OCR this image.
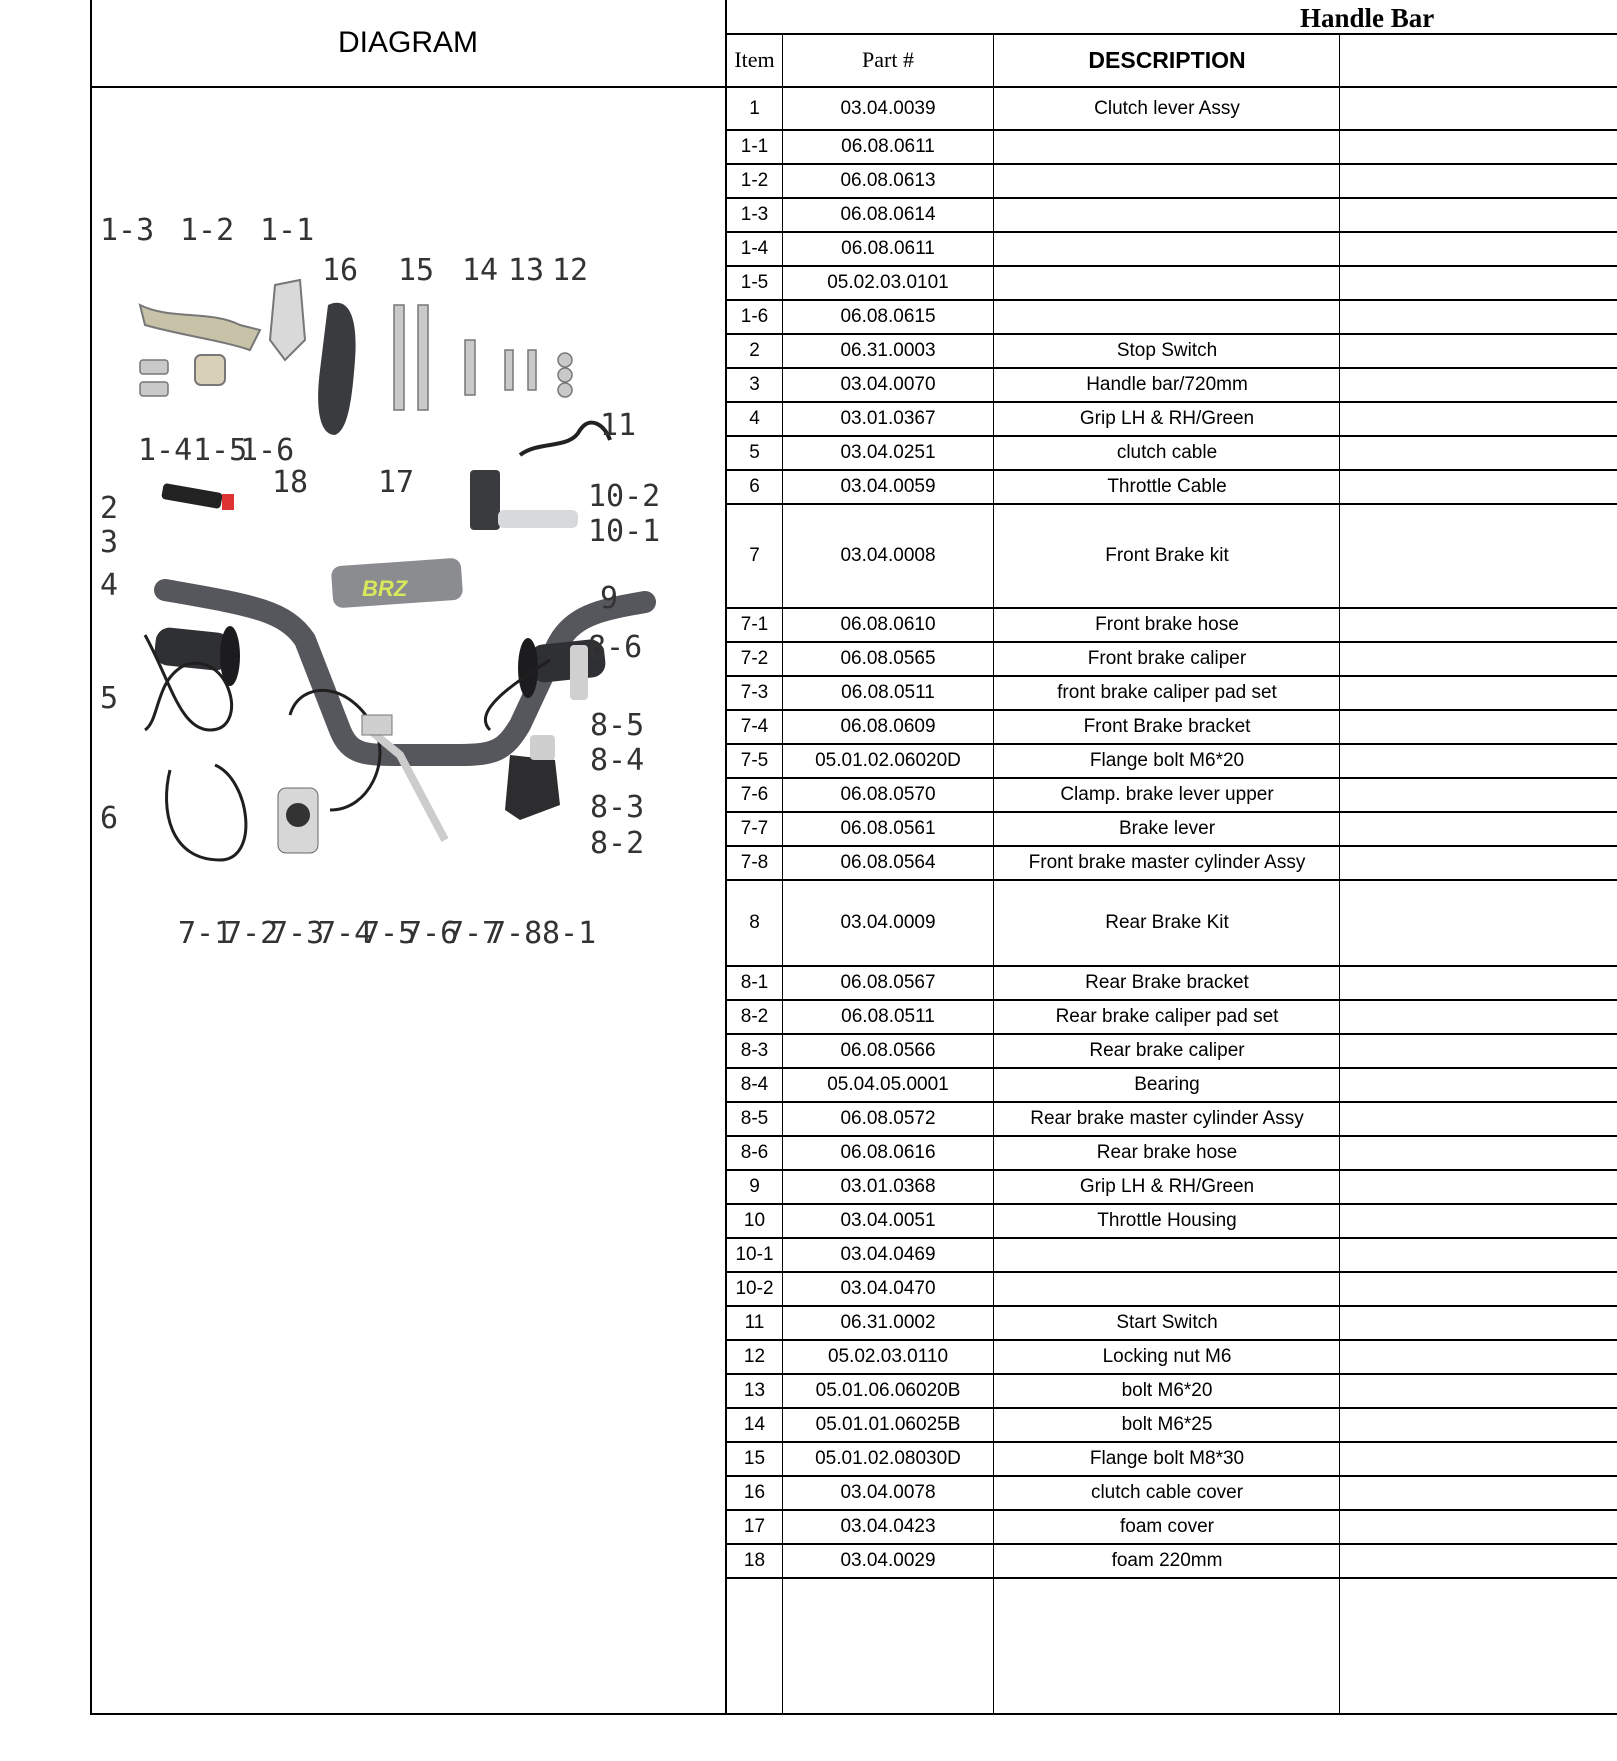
DIAGRAM
Handle Bar
Item	Part #	DESCRIPTION
1	03.04.0039	Clutch lever Assy
1-1	06.08.0611
1-2	06.08.0613
1-3	06.08.0614
1-4	06.08.0611
1-5	05.02.03.0101
1-6	06.08.0615
2	06.31.0003	Stop Switch
3	03.04.0070	Handle bar/720mm
4	03.01.0367	Grip LH & RH/Green
5	03.04.0251	clutch cable
6	03.04.0059	Throttle Cable
7	03.04.0008	Front Brake kit
7-1	06.08.0610	Front brake hose
7-2	06.08.0565	Front brake caliper
7-3	06.08.0511	front brake caliper pad set
7-4	06.08.0609	Front Brake bracket
7-5	05.01.02.06020D	Flange bolt M6*20
7-6	06.08.0570	Clamp. brake lever upper
7-7	06.08.0561	Brake lever
7-8	06.08.0564	Front brake master cylinder Assy
8	03.04.0009	Rear Brake Kit
8-1	06.08.0567	Rear Brake bracket
8-2	06.08.0511	Rear brake caliper pad set
8-3	06.08.0566	Rear brake caliper
8-4	05.04.05.0001	Bearing
8-5	06.08.0572	Rear brake master cylinder Assy
8-6	06.08.0616	Rear brake hose
9	03.01.0368	Grip LH & RH/Green
10	03.04.0051	Throttle Housing
10-1	03.04.0469
10-2	03.04.0470
11	06.31.0002	Start Switch
12	05.02.03.0110	Locking nut M6
13	05.01.06.06020B	bolt M6*20
14	05.01.01.06025B	bolt M6*25
15	05.01.02.08030D	Flange bolt M8*30
16	03.04.0078	clutch cable cover
17	03.04.0423	foam cover
18	03.04.0029	foam 220mm
BRZ
1-3 1-2 1-1
16 15 14 13 12
1-4 1-5
1-6
11
18 17	10-2
10-1
2
3
4	9
8-6
5
8-5
8-4
8-3
8-2
6
7-1
7-2
7-3
7-4
7-5
7-6
7-7
7-8 8-1
